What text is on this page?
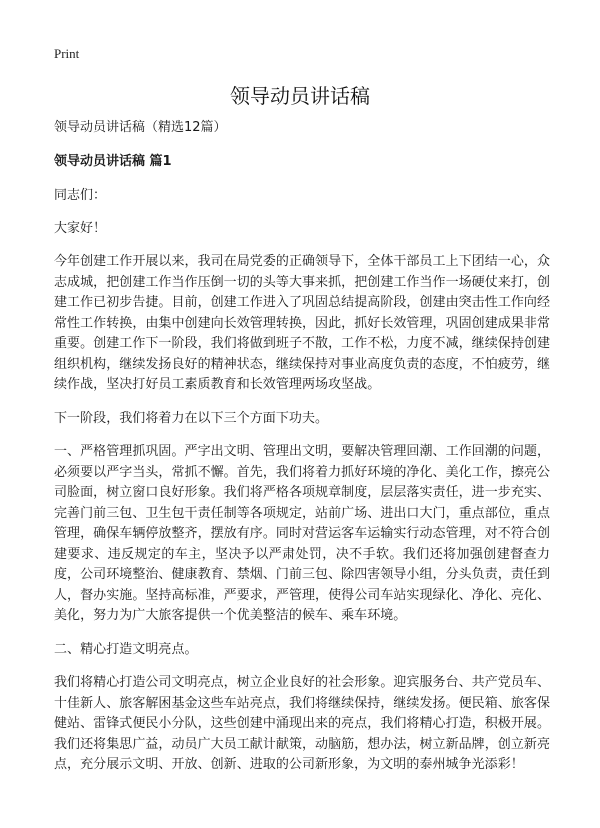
Print
领导动员讲话稿

领导动员讲话稿（精选12篇）

领导动员讲话稿 篇1

同志们：

大家好！

今年创建工作开展以来，我司在局党委的正确领导下，全体干部员工上下团结一心，众志成城，把创建工作当作压倒一切的头等大事来抓，把创建工作当作一场硬仗来打，创建工作已初步告捷。目前，创建工作进入了巩固总结提高阶段，创建由突击性工作向经常性工作转换，由集中创建向长效管理转换，因此，抓好长效管理，巩固创建成果非常重要。创建工作下一阶段，我们将做到班子不散，工作不松，力度不减，继续保持创建组织机构，继续发扬良好的精神状态，继续保持对事业高度负责的态度，不怕疲劳，继续作战，坚决打好员工素质教育和长效管理两场攻坚战。

下一阶段，我们将着力在以下三个方面下功夫。

一、严格管理抓巩固。严字出文明、管理出文明，要解决管理回潮、工作回潮的问题，必须要以严字当头，常抓不懈。首先，我们将着力抓好环境的净化、美化工作，擦亮公司脸面，树立窗口良好形象。我们将严格各项规章制度，层层落实责任，进一步充实、完善门前三包、卫生包干责任制等各项规定，站前广场、进出口大门，重点部位，重点管理，确保车辆停放整齐，摆放有序。同时对营运客车运输实行动态管理，对不符合创建要求、违反规定的车主，坚决予以严肃处罚，决不手软。我们还将加强创建督查力度，公司环境整治、健康教育、禁烟、门前三包、除四害领导小组，分头负责，责任到人，督办实施。坚持高标准，严要求，严管理，使得公司车站实现绿化、净化、亮化、美化，努力为广大旅客提供一个优美整洁的候车、乘车环境。

二、精心打造文明亮点。

我们将精心打造公司文明亮点，树立企业良好的社会形象。迎宾服务台、共产党员车、十佳新人、旅客解困基金这些车站亮点，我们将继续保持，继续发扬。便民箱、旅客保健站、雷锋式便民小分队，这些创建中涌现出来的亮点，我们将精心打造，积极开展。我们还将集思广益，动员广大员工献计献策，动脑筋，想办法，树立新品牌，创立新亮点，充分展示文明、开放、创新、进取的公司新形象，为文明的泰州城争光添彩！
